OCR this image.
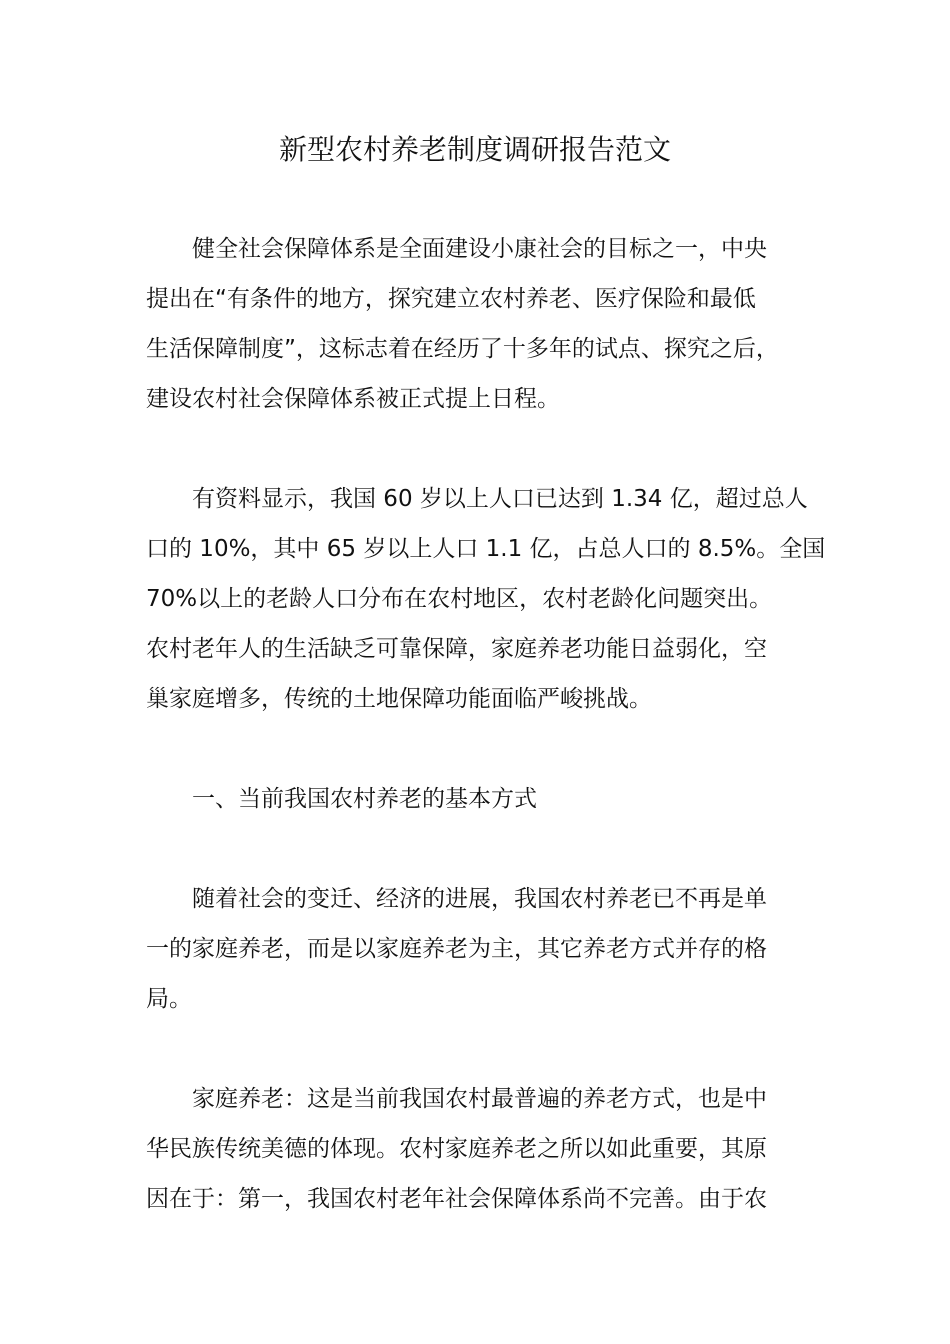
新型农村养老制度调研报告范文
健全社会保障体系是全面建设小康社会的目标之一，中央
提出在“有条件的地方，探究建立农村养老、医疗保险和最低
生活保障制度”，这标志着在经历了十多年的试点、探究之后，
建设农村社会保障体系被正式提上日程。
有资料显示，我国 60 岁以上人口已达到 1.34 亿，超过总人
口的 10%，其中 65 岁以上人口 1.1 亿，占总人口的 8.5%。全国
70%以上的老龄人口分布在农村地区，农村老龄化问题突出。
农村老年人的生活缺乏可靠保障，家庭养老功能日益弱化，空
巢家庭增多，传统的土地保障功能面临严峻挑战。
一、当前我国农村养老的基本方式
随着社会的变迁、经济的进展，我国农村养老已不再是单
一的家庭养老，而是以家庭养老为主，其它养老方式并存的格
局。
家庭养老：这是当前我国农村最普遍的养老方式，也是中
华民族传统美德的体现。农村家庭养老之所以如此重要，其原
因在于：第一，我国农村老年社会保障体系尚不完善。由于农
